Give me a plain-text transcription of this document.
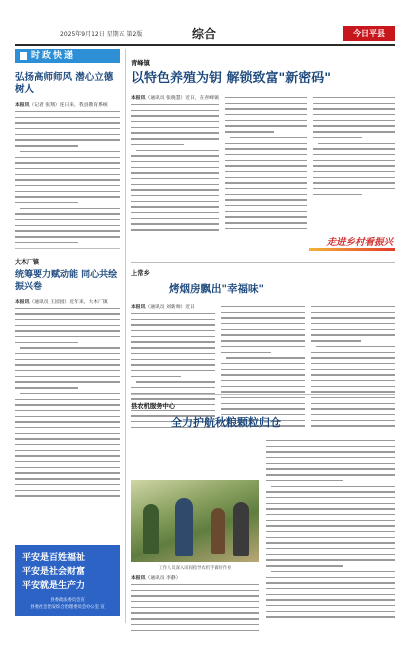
2025年9月12日 星期五 第2版	综合	今日平县
时政快递
弘扬高师师风 潜心立德树人
本报讯（记者 张翔）连日来，我县教育系统
大木厂镇
统筹要力赋动能 同心共绘振兴卷
本报讯（通讯员 王园园）近年来，大木厂镇
平安是百姓福祉
平安是社会财富
平安就是生产力
县委政法委员会宣
县委社会治安综合治理委员会办公室 宣
青峰镇
以特色养殖为钥 解锁致富"新密码"
本报讯（通讯员 张晓慧）近日，在青峰镇
走进乡村看振兴
上常乡
烤烟房飘出"幸福味"
本报讯（通讯员 刘新帅）近日
县农机服务中心
全力护航秋粮颗粒归仓
工作人员深入田间指导农机手做好作业
本报讯（通讯员 李静）
